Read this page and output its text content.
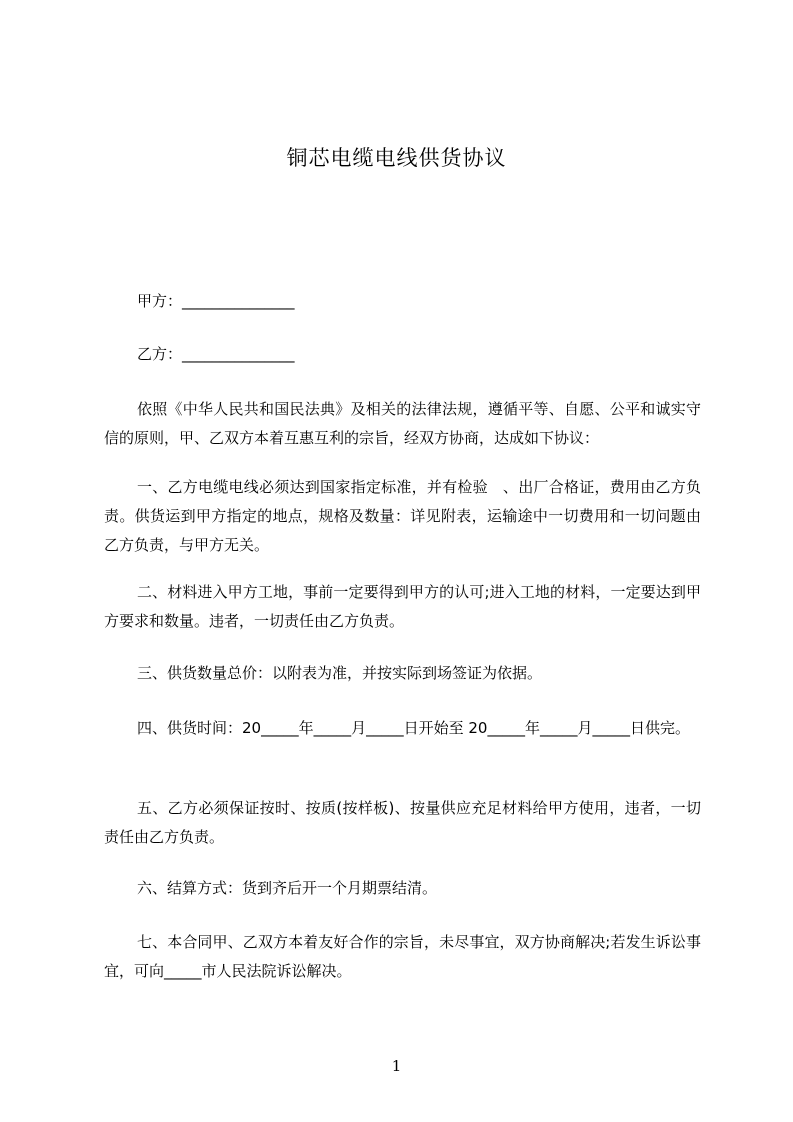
铜芯电缆电线供货协议
甲方：_______________
乙方：_______________
依照《中华人民共和国民法典》及相关的法律法规，遵循平等、自愿、公平和诚实守信的原则，甲、乙双方本着互惠互利的宗旨，经双方协商，达成如下协议：
一、乙方电缆电线必须达到国家指定标准，并有检验   、出厂合格证，费用由乙方负责。供货运到甲方指定的地点，规格及数量：详见附表，运输途中一切费用和一切问题由乙方负责，与甲方无关。
二、材料进入甲方工地，事前一定要得到甲方的认可;进入工地的材料，一定要达到甲方要求和数量。违者，一切责任由乙方负责。
三、供货数量总价：以附表为准，并按实际到场签证为依据。
四、供货时间：20_____年_____月_____日开始至 20_____年_____月_____日供完。
五、乙方必须保证按时、按质(按样板)、按量供应充足材料给甲方使用，违者，一切责任由乙方负责。
六、结算方式：货到齐后开一个月期票结清。
七、本合同甲、乙双方本着友好合作的宗旨，未尽事宜，双方协商解决;若发生诉讼事宜，可向_____市人民法院诉讼解决。
1
